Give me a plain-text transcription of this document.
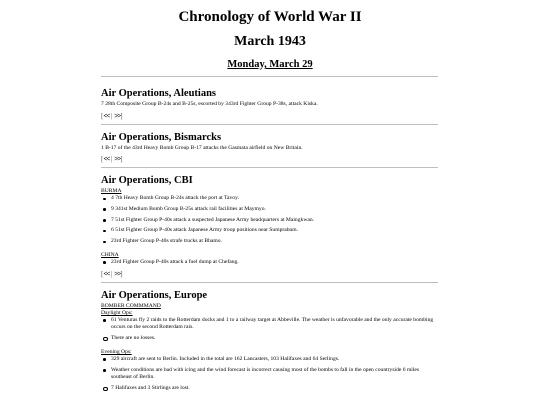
Chronology of World War II
March 1943
Monday, March 29
Air Operations, Aleutians

7 28th Composite Group B-24s and B-25s, escorted by 343rd Fighter Group P-38s, attack Kiska.

[<< | >>]
Air Operations, Bismarcks

1 B-17 of the 43rd Heavy Bomb Group B-17 attacks the Gasmata airfield on New Britain.

[<< | >>]
Air Operations, CBI
BURMA
4 7th Heavy Bomb Group B-24s attack the port at Tavoy.
9 341st Medium Bomb Group B-25s attack rail facilities at Maymyo.
7 51st Fighter Group P-40s attack a suspected Japanese Army headquarters at Maingkwan.
6 51st Fighter Group P-40s attack Japanese Army troop positions near Sumprabum.
23rd Fighter Group P-40s strafe trucks at Bhamo.
CHINA
23rd Fighter Group P-40s attack a fuel dump at Chefang.
[<< | >>]
Air Operations, Europe
BOMBER COMMMAND
Daylight Ops:
61 Venturas fly 2 raids to the Rotterdam docks and 1 to a railway target at Abbeville. The weather is unfavorable and the only accurate bombing occurs on the second Rotterdam rais.
There are no losses.
Evening Ops:
329 aircraft are sent to Berlin. Included in the total are 162 Lancasters, 103 Halifaxes and 64 Serlings.
Weather conditions are bad with icing and the wind forecast is incorrect causing most of the bombs to fall in the open countryside 6 miles southeast of Berlin.
7 Halifaxes and 3 Stirlings are lost.
